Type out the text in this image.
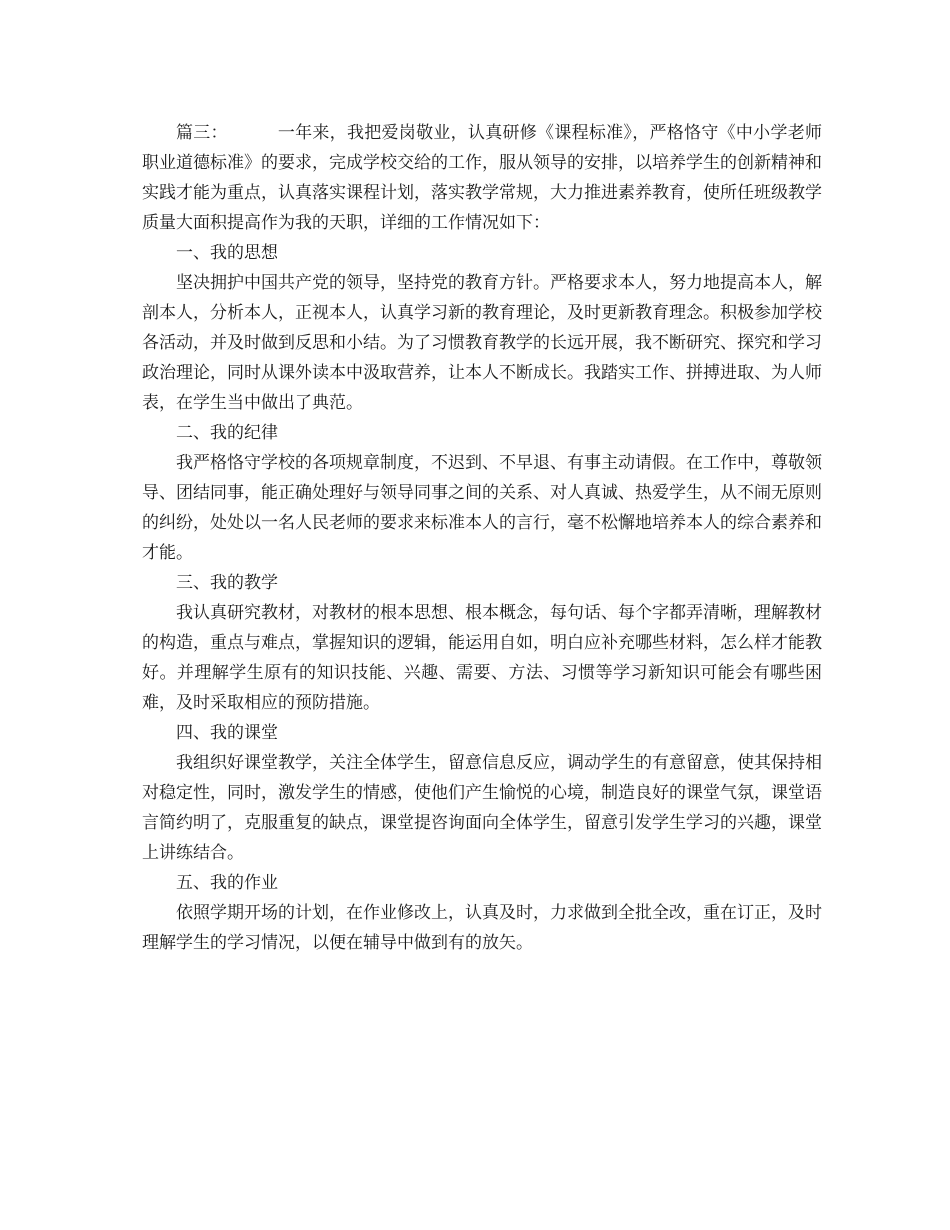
篇三：	一年来，我把爱岗敬业，认真研修《课程标准》，严格恪守《中小学老师职业道德标准》的要求，完成学校交给的工作，服从领导的安排，以培养学生的创新精神和实践才能为重点，认真落实课程计划，落实教学常规，大力推进素养教育，使所任班级教学质量大面积提高作为我的天职，详细的工作情况如下：

一、我的思想

坚决拥护中国共产党的领导，坚持党的教育方针。严格要求本人，努力地提高本人，解剖本人，分析本人，正视本人，认真学习新的教育理论，及时更新教育理念。积极参加学校各活动，并及时做到反思和小结。为了习惯教育教学的长远开展，我不断研究、探究和学习政治理论，同时从课外读本中汲取营养，让本人不断成长。我踏实工作、拼搏进取、为人师表，在学生当中做出了典范。

二、我的纪律

我严格恪守学校的各项规章制度，不迟到、不早退、有事主动请假。在工作中，尊敬领导、团结同事，能正确处理好与领导同事之间的关系、对人真诚、热爱学生，从不闹无原则的纠纷，处处以一名人民老师的要求来标准本人的言行，毫不松懈地培养本人的综合素养和才能。

三、我的教学

我认真研究教材，对教材的根本思想、根本概念，每句话、每个字都弄清晰，理解教材的构造，重点与难点，掌握知识的逻辑，能运用自如，明白应补充哪些材料，怎么样才能教好。并理解学生原有的知识技能、兴趣、需要、方法、习惯等学习新知识可能会有哪些困难，及时采取相应的预防措施。

四、我的课堂

我组织好课堂教学，关注全体学生，留意信息反应，调动学生的有意留意，使其保持相对稳定性，同时，激发学生的情感，使他们产生愉悦的心境，制造良好的课堂气氛，课堂语言简约明了，克服重复的缺点，课堂提咨询面向全体学生，留意引发学生学习的兴趣，课堂上讲练结合。

五、我的作业

依照学期开场的计划，在作业修改上，认真及时，力求做到全批全改，重在订正，及时理解学生的学习情况，以便在辅导中做到有的放矢。
